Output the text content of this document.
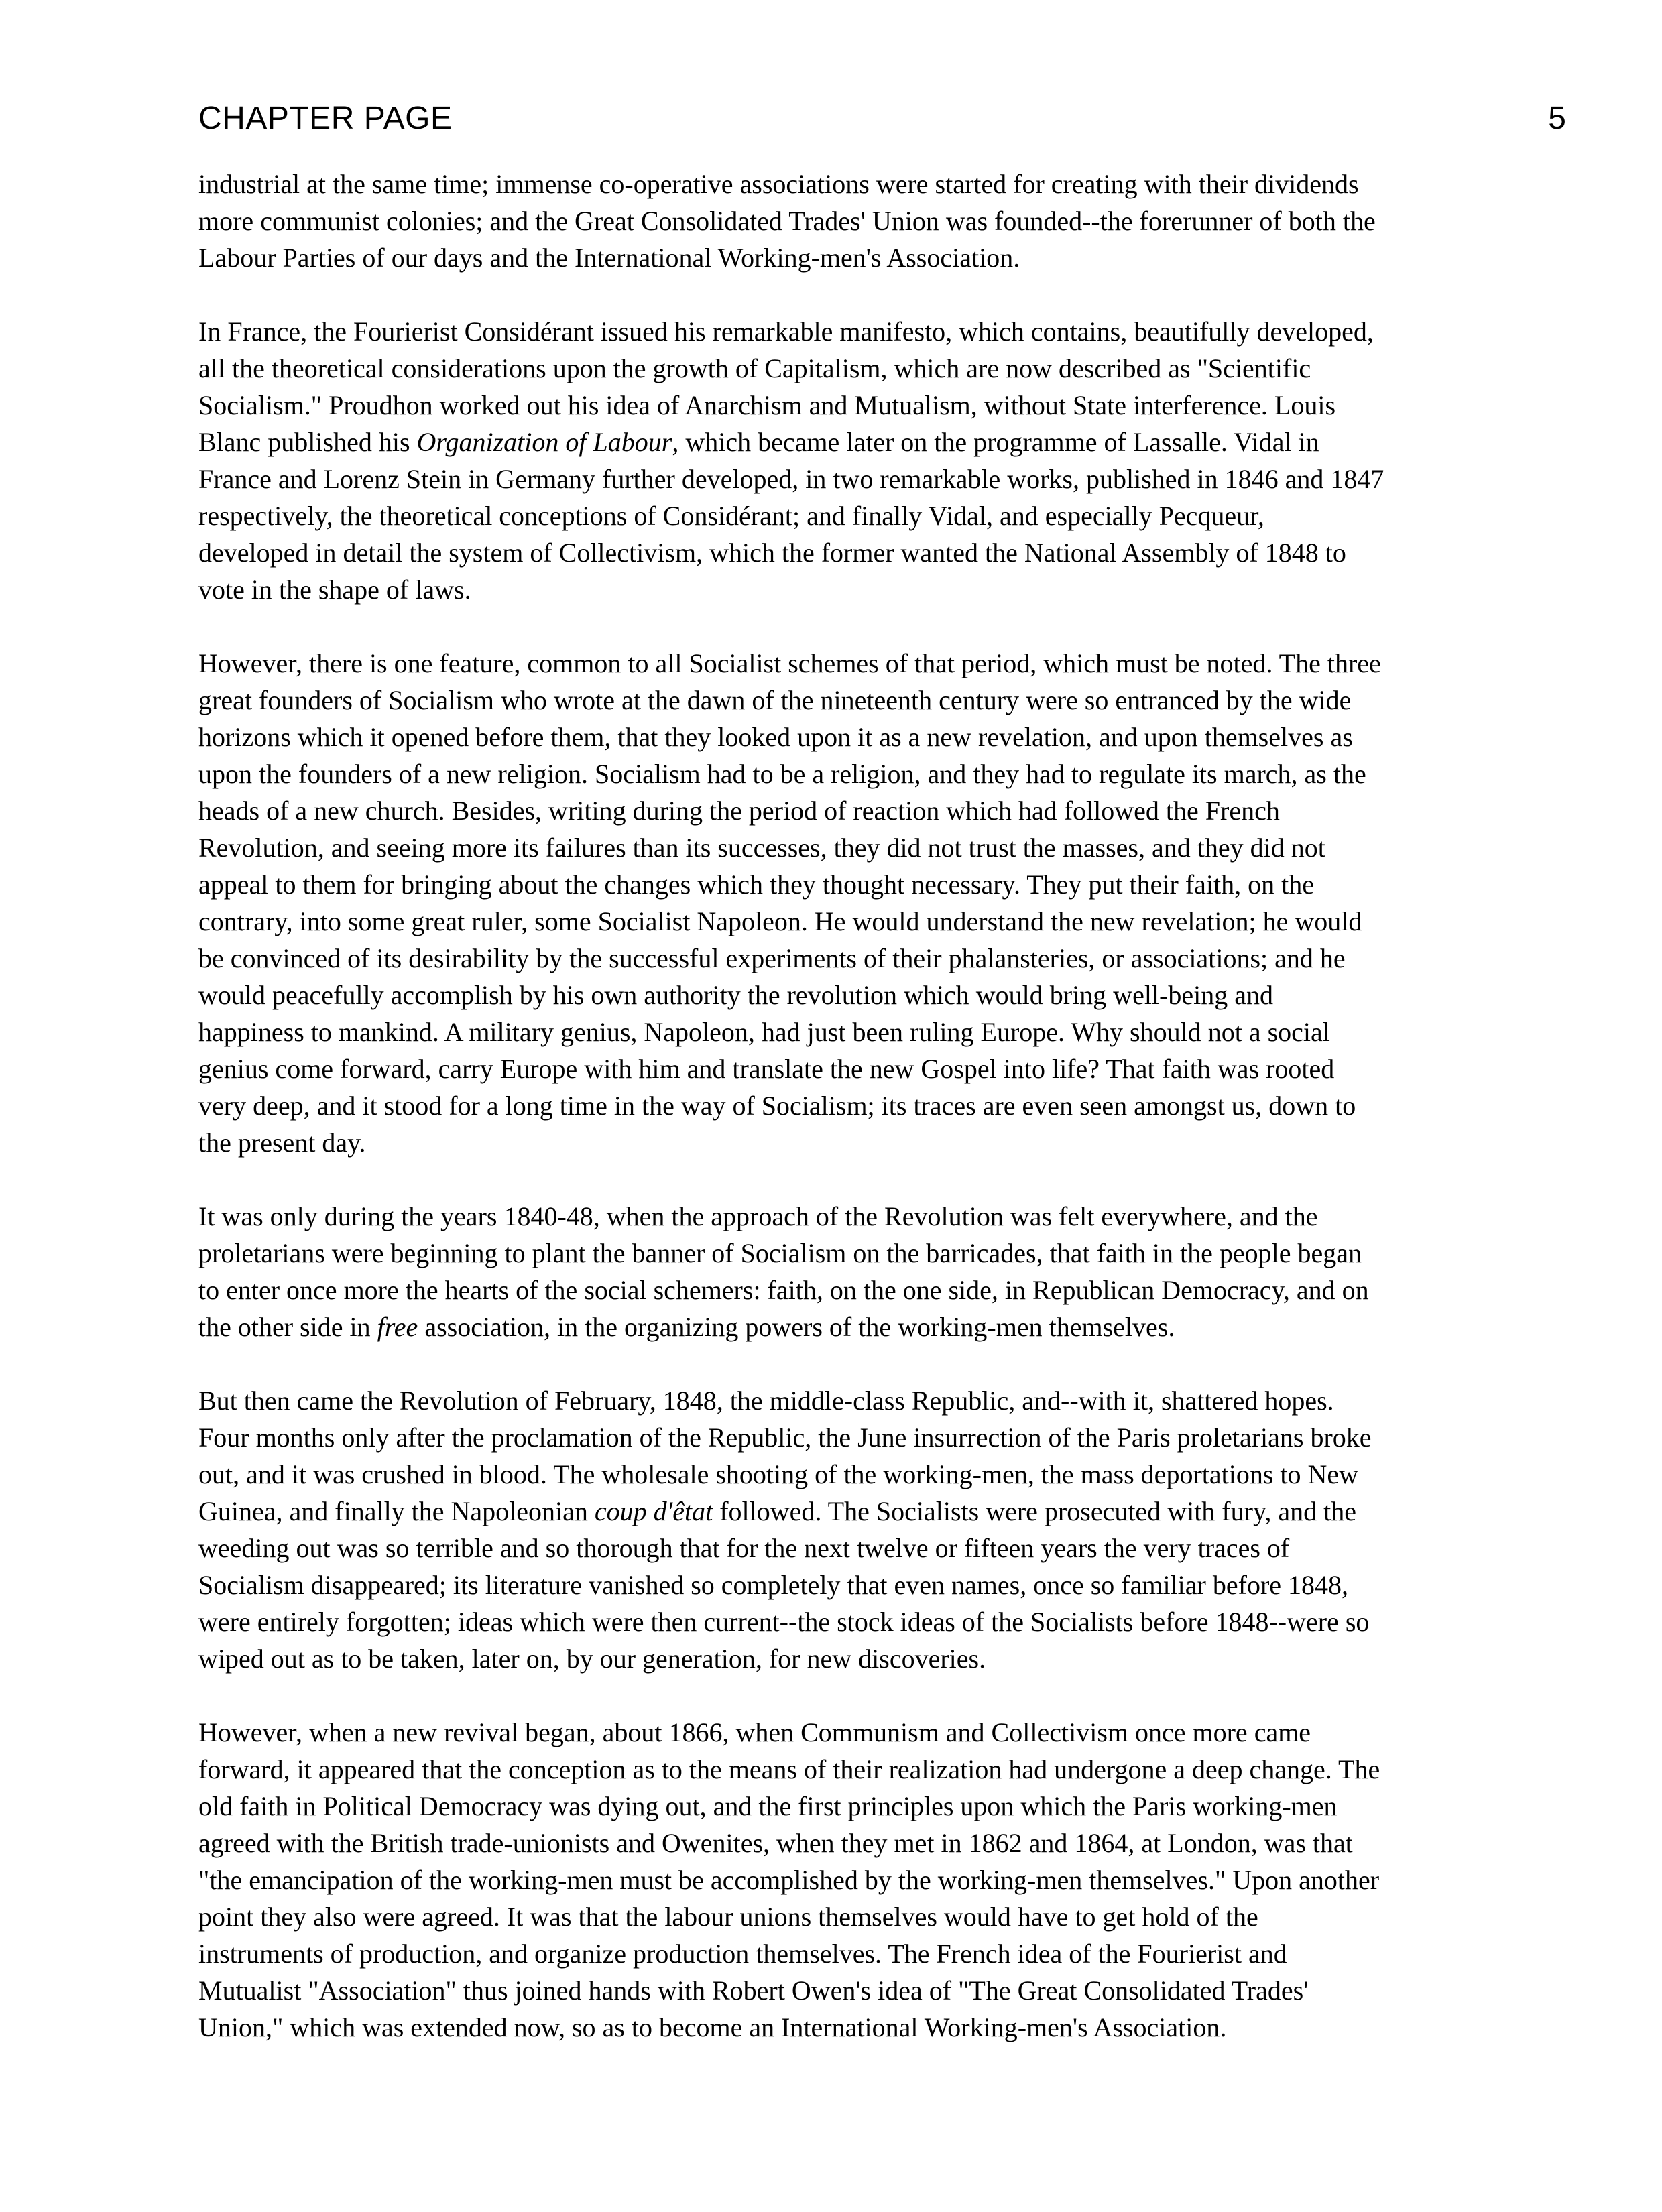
CHAPTER PAGE	5

industrial at the same time; immense co-operative associations were started for creating with their dividends
more communist colonies; and the Great Consolidated Trades' Union was founded--the forerunner of both the
Labour Parties of our days and the International Working-men's Association.

In France, the Fourierist Considérant issued his remarkable manifesto, which contains, beautifully developed,
all the theoretical considerations upon the growth of Capitalism, which are now described as "Scientific
Socialism." Proudhon worked out his idea of Anarchism and Mutualism, without State interference. Louis
Blanc published his Organization of Labour, which became later on the programme of Lassalle. Vidal in
France and Lorenz Stein in Germany further developed, in two remarkable works, published in 1846 and 1847
respectively, the theoretical conceptions of Considérant; and finally Vidal, and especially Pecqueur,
developed in detail the system of Collectivism, which the former wanted the National Assembly of 1848 to
vote in the shape of laws.

However, there is one feature, common to all Socialist schemes of that period, which must be noted. The three
great founders of Socialism who wrote at the dawn of the nineteenth century were so entranced by the wide
horizons which it opened before them, that they looked upon it as a new revelation, and upon themselves as
upon the founders of a new religion. Socialism had to be a religion, and they had to regulate its march, as the
heads of a new church. Besides, writing during the period of reaction which had followed the French
Revolution, and seeing more its failures than its successes, they did not trust the masses, and they did not
appeal to them for bringing about the changes which they thought necessary. They put their faith, on the
contrary, into some great ruler, some Socialist Napoleon. He would understand the new revelation; he would
be convinced of its desirability by the successful experiments of their phalansteries, or associations; and he
would peacefully accomplish by his own authority the revolution which would bring well-being and
happiness to mankind. A military genius, Napoleon, had just been ruling Europe. Why should not a social
genius come forward, carry Europe with him and translate the new Gospel into life? That faith was rooted
very deep, and it stood for a long time in the way of Socialism; its traces are even seen amongst us, down to
the present day.

It was only during the years 1840-48, when the approach of the Revolution was felt everywhere, and the
proletarians were beginning to plant the banner of Socialism on the barricades, that faith in the people began
to enter once more the hearts of the social schemers: faith, on the one side, in Republican Democracy, and on
the other side in free association, in the organizing powers of the working-men themselves.

But then came the Revolution of February, 1848, the middle-class Republic, and--with it, shattered hopes.
Four months only after the proclamation of the Republic, the June insurrection of the Paris proletarians broke
out, and it was crushed in blood. The wholesale shooting of the working-men, the mass deportations to New
Guinea, and finally the Napoleonian coup d'êtat followed. The Socialists were prosecuted with fury, and the
weeding out was so terrible and so thorough that for the next twelve or fifteen years the very traces of
Socialism disappeared; its literature vanished so completely that even names, once so familiar before 1848,
were entirely forgotten; ideas which were then current--the stock ideas of the Socialists before 1848--were so
wiped out as to be taken, later on, by our generation, for new discoveries.

However, when a new revival began, about 1866, when Communism and Collectivism once more came
forward, it appeared that the conception as to the means of their realization had undergone a deep change. The
old faith in Political Democracy was dying out, and the first principles upon which the Paris working-men
agreed with the British trade-unionists and Owenites, when they met in 1862 and 1864, at London, was that
"the emancipation of the working-men must be accomplished by the working-men themselves." Upon another
point they also were agreed. It was that the labour unions themselves would have to get hold of the
instruments of production, and organize production themselves. The French idea of the Fourierist and
Mutualist "Association" thus joined hands with Robert Owen's idea of "The Great Consolidated Trades'
Union," which was extended now, so as to become an International Working-men's Association.
